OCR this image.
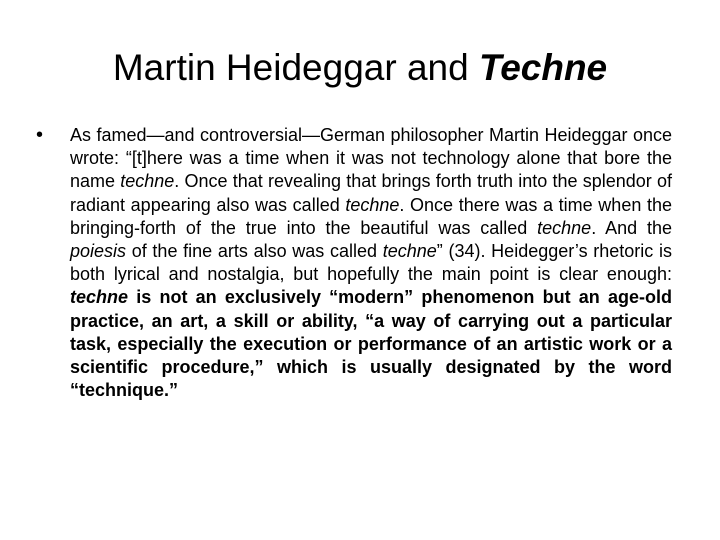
Martin Heideggar and Techne
• As famed—and controversial—German philosopher Martin Heideggar once wrote: “[t]here was a time when it was not technology alone that bore the name techne. Once that revealing that brings forth truth into the splendor of radiant appearing also was called techne. Once there was a time when the bringing-forth of the true into the beautiful was called techne. And the poiesis of the fine arts also was called techne” (34). Heidegger’s rhetoric is both lyrical and nostalgia, but hopefully the main point is clear enough: techne is not an exclusively “modern” phenomenon but an age-old practice, an art, a skill or ability, “a way of carrying out a particular task, especially the execution or performance of an artistic work or a scientific procedure,” which is usually designated by the word “technique.”
